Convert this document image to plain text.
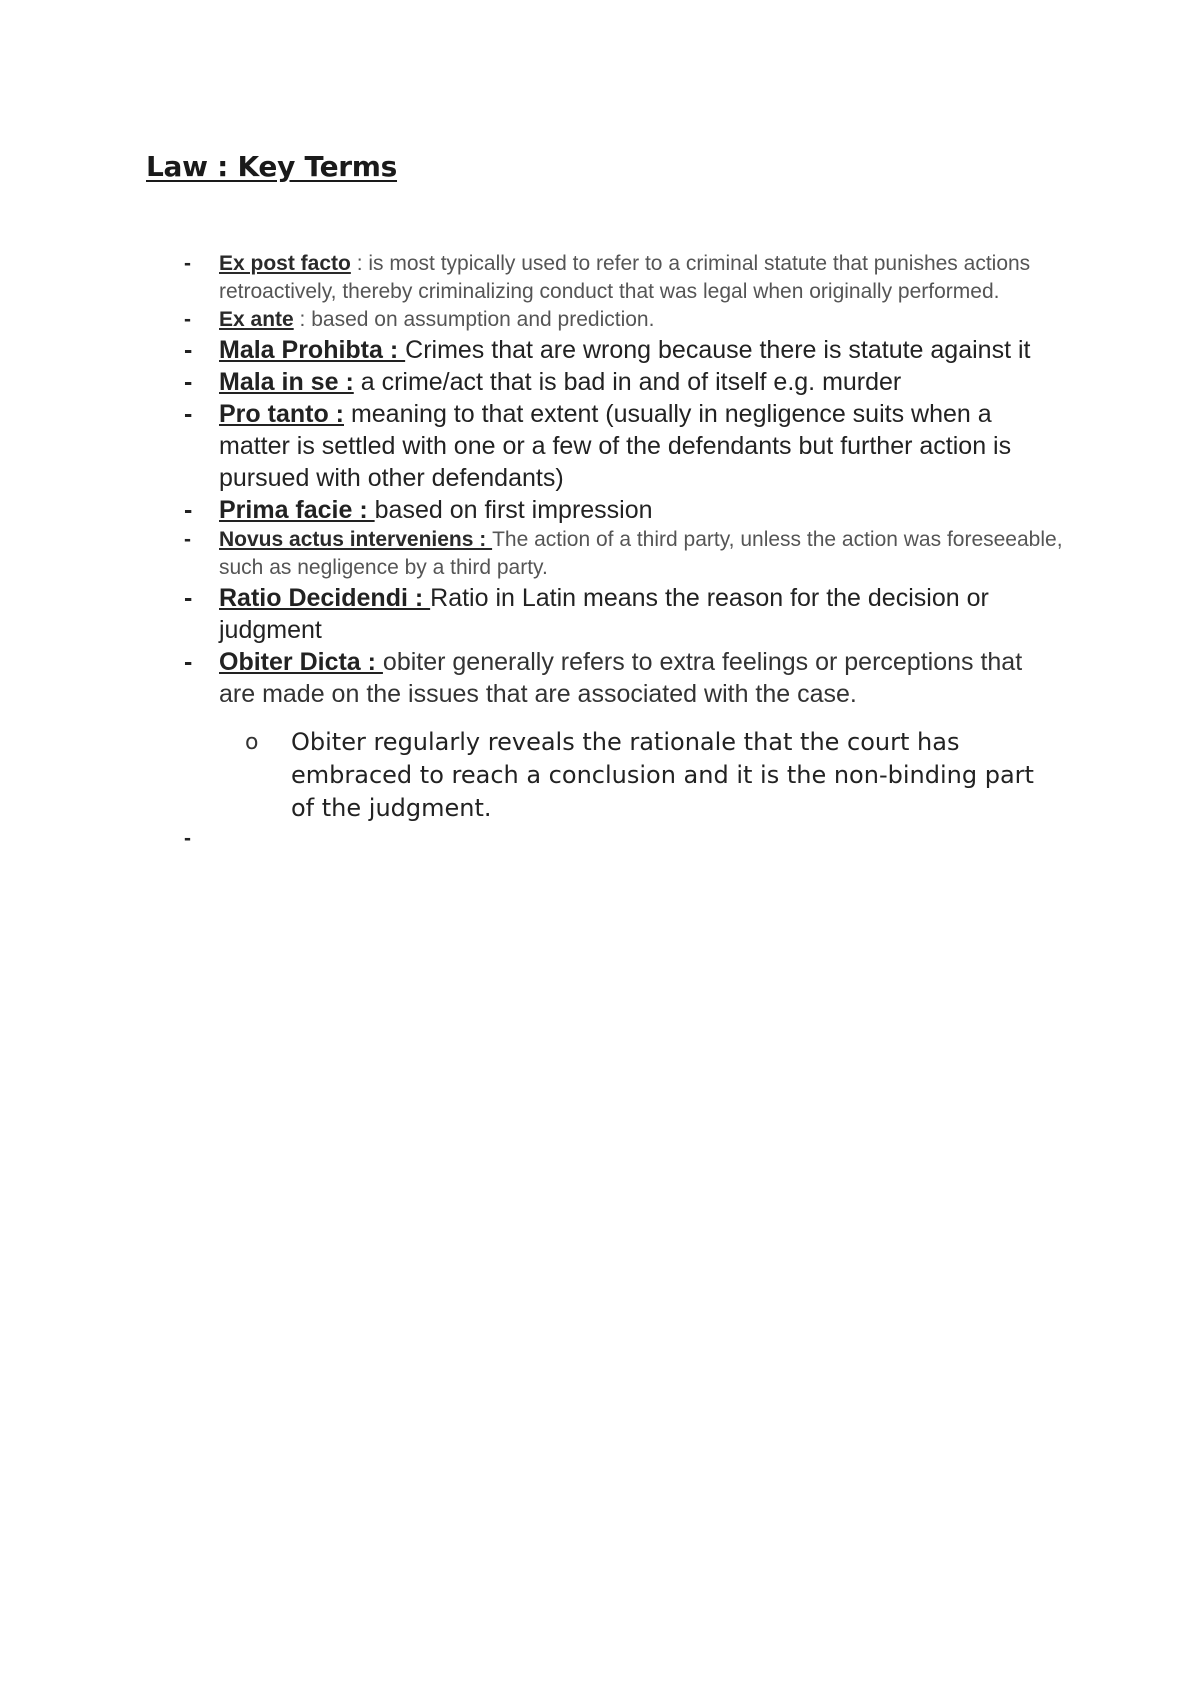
Law : Key Terms
- Ex post facto : is most typically used to refer to a criminal statute that punishes actions retroactively, thereby criminalizing conduct that was legal when originally performed.
- Ex ante : based on assumption and prediction.
- Mala Prohibta : Crimes that are wrong because there is statute against it
- Mala in se : a crime/act that is bad in and of itself e.g. murder
- Pro tanto : meaning to that extent (usually in negligence suits when a matter is settled with one or a few of the defendants but further action is pursued with other defendants)
- Prima facie : based on first impression
- Novus actus interveniens : The action of a third party, unless the action was foreseeable, such as negligence by a third party.
- Ratio Decidendi : Ratio in Latin means the reason for the decision or judgment
- Obiter Dicta : obiter generally refers to extra feelings or perceptions that are made on the issues that are associated with the case.
o Obiter regularly reveals the rationale that the court has embraced to reach a conclusion and it is the non-binding part of the judgment.
-
